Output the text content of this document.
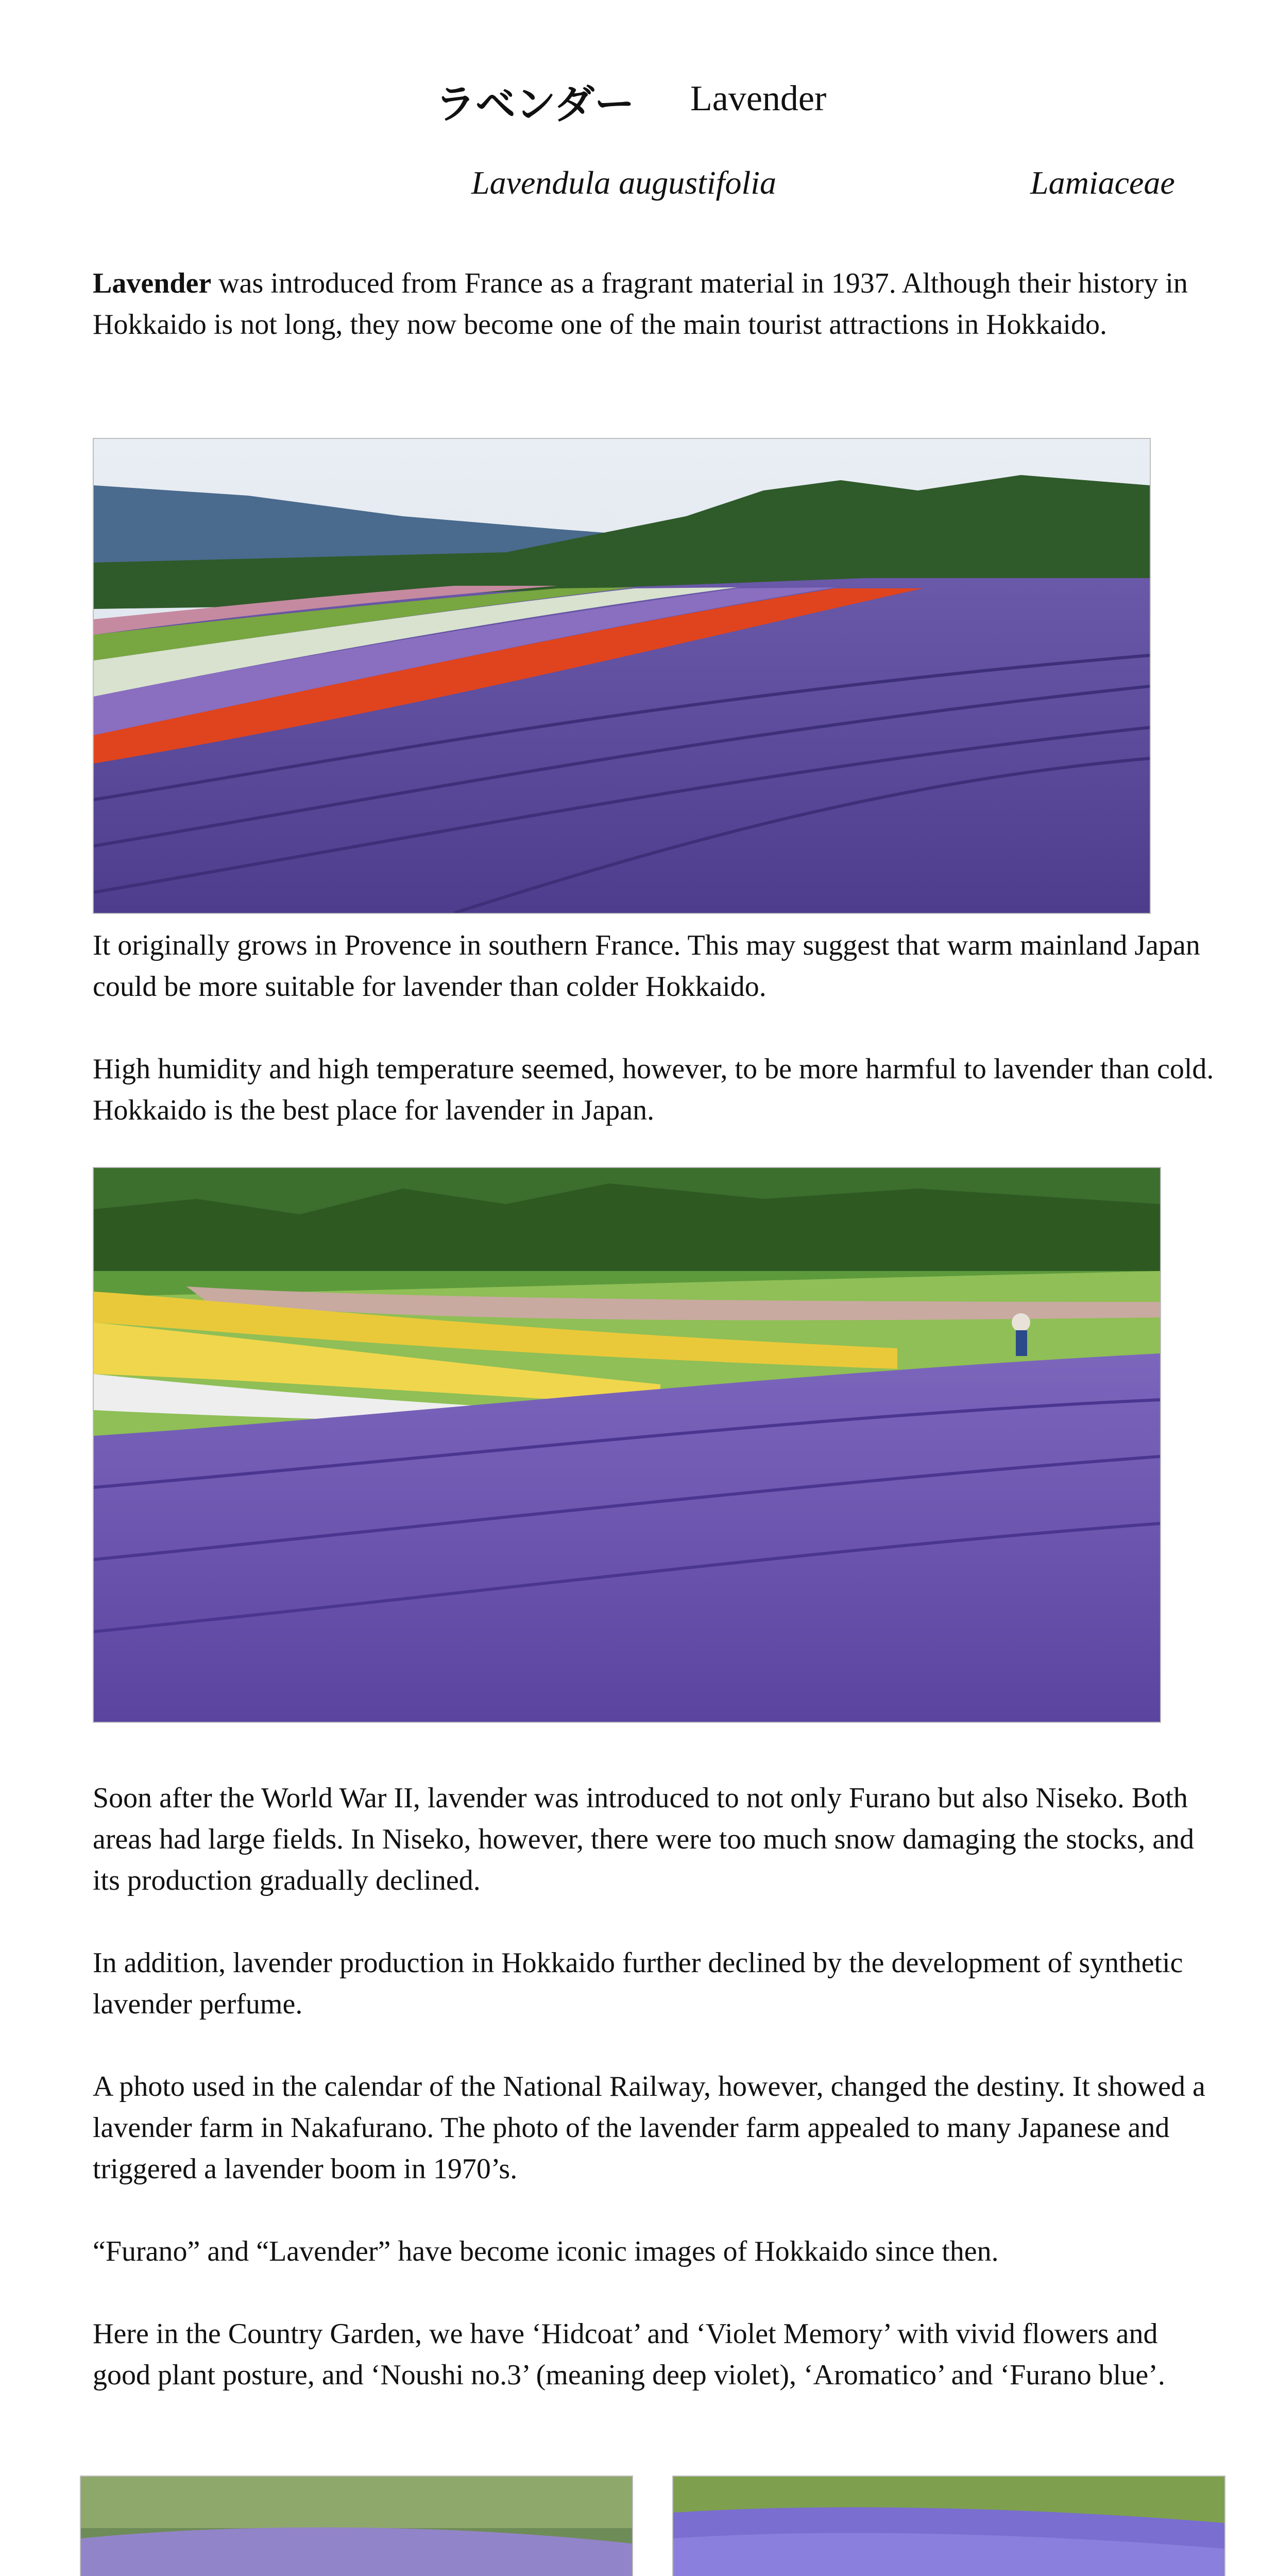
ラベンダー Lavender
Lavendula augustifolia	Lamiaceae
Lavender was introduced from France as a fragrant material in 1937. Although their history in Hokkaido is not long, they now become one of the main tourist attractions in Hokkaido.
It originally grows in Provence in southern France. This may suggest that warm mainland Japan could be more suitable for lavender than colder Hokkaido.
High humidity and high temperature seemed, however, to be more harmful to lavender than cold. Hokkaido is the best place for lavender in Japan.
Soon after the World War II, lavender was introduced to not only Furano but also Niseko. Both areas had large fields. In Niseko, however, there were too much snow damaging the stocks, and its production gradually declined.
In addition, lavender production in Hokkaido further declined by the development of synthetic lavender perfume.
A photo used in the calendar of the National Railway, however, changed the destiny. It showed a lavender farm in Nakafurano. The photo of the lavender farm appealed to many Japanese and triggered a lavender boom in 1970’s.
“Furano” and “Lavender” have become iconic images of Hokkaido since then.
Here in the Country Garden, we have ‘Hidcoat’ and ‘Violet Memory’ with vivid flowers and good plant posture, and ‘Noushi no.3’ (meaning deep violet), ‘Aromatico’ and ‘Furano blue’.
